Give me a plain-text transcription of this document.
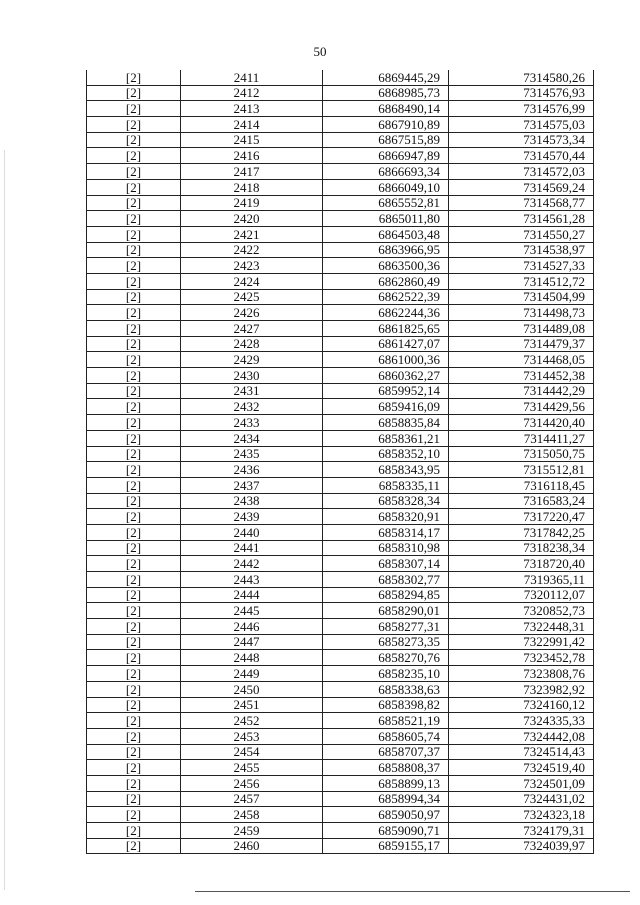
50
[2]	2411	6869445,29	7314580,26
[2]	2412	6868985,73	7314576,93
[2]	2413	6868490,14	7314576,99
[2]	2414	6867910,89	7314575,03
[2]	2415	6867515,89	7314573,34
[2]	2416	6866947,89	7314570,44
[2]	2417	6866693,34	7314572,03
[2]	2418	6866049,10	7314569,24
[2]	2419	6865552,81	7314568,77
[2]	2420	6865011,80	7314561,28
[2]	2421	6864503,48	7314550,27
[2]	2422	6863966,95	7314538,97
[2]	2423	6863500,36	7314527,33
[2]	2424	6862860,49	7314512,72
[2]	2425	6862522,39	7314504,99
[2]	2426	6862244,36	7314498,73
[2]	2427	6861825,65	7314489,08
[2]	2428	6861427,07	7314479,37
[2]	2429	6861000,36	7314468,05
[2]	2430	6860362,27	7314452,38
[2]	2431	6859952,14	7314442,29
[2]	2432	6859416,09	7314429,56
[2]	2433	6858835,84	7314420,40
[2]	2434	6858361,21	7314411,27
[2]	2435	6858352,10	7315050,75
[2]	2436	6858343,95	7315512,81
[2]	2437	6858335,11	7316118,45
[2]	2438	6858328,34	7316583,24
[2]	2439	6858320,91	7317220,47
[2]	2440	6858314,17	7317842,25
[2]	2441	6858310,98	7318238,34
[2]	2442	6858307,14	7318720,40
[2]	2443	6858302,77	7319365,11
[2]	2444	6858294,85	7320112,07
[2]	2445	6858290,01	7320852,73
[2]	2446	6858277,31	7322448,31
[2]	2447	6858273,35	7322991,42
[2]	2448	6858270,76	7323452,78
[2]	2449	6858235,10	7323808,76
[2]	2450	6858338,63	7323982,92
[2]	2451	6858398,82	7324160,12
[2]	2452	6858521,19	7324335,33
[2]	2453	6858605,74	7324442,08
[2]	2454	6858707,37	7324514,43
[2]	2455	6858808,37	7324519,40
[2]	2456	6858899,13	7324501,09
[2]	2457	6858994,34	7324431,02
[2]	2458	6859050,97	7324323,18
[2]	2459	6859090,71	7324179,31
[2]	2460	6859155,17	7324039,97
